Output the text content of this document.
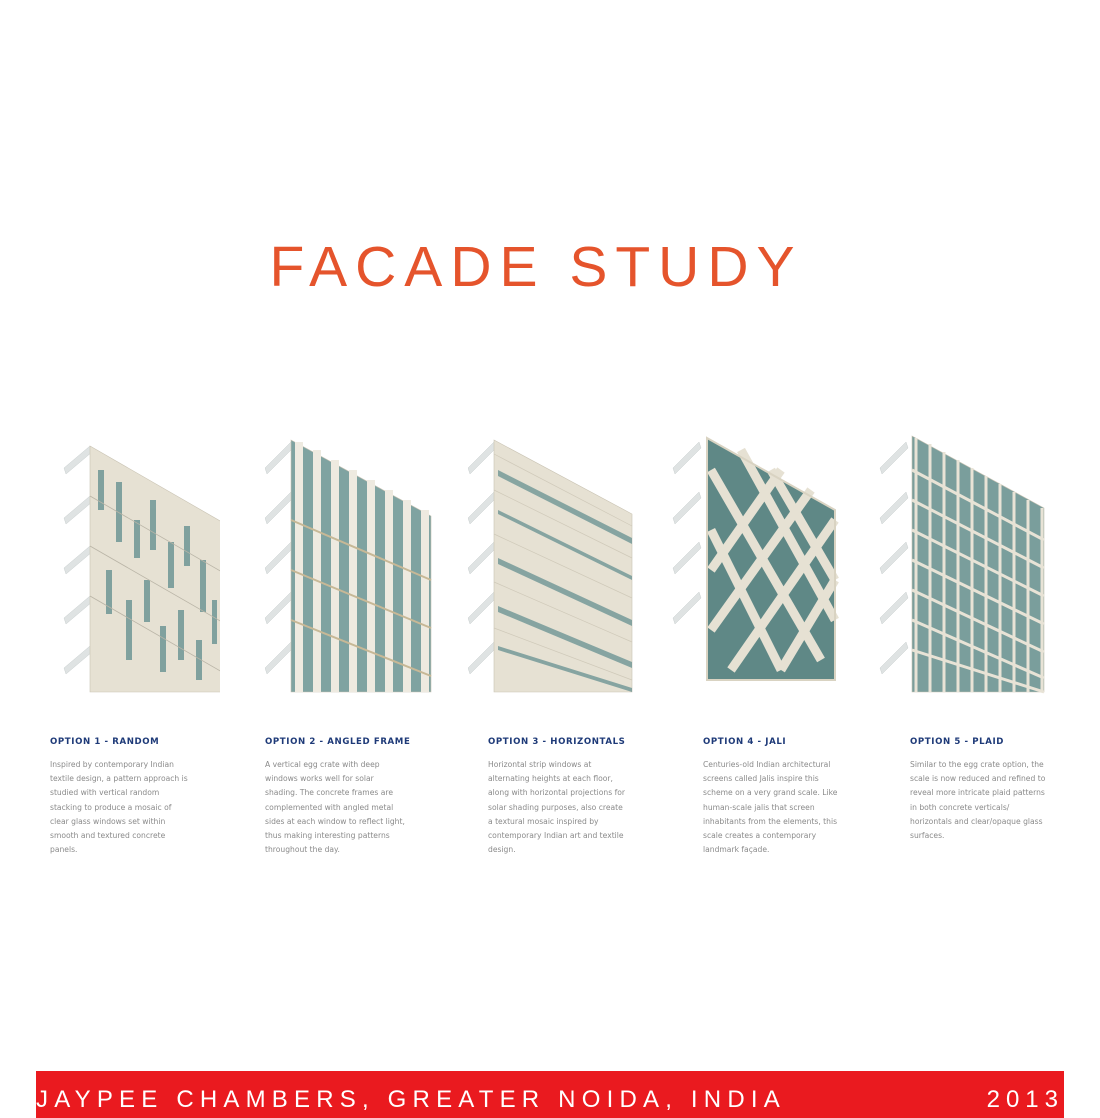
FACADE STUDY
OPTION 1 - RANDOM
Inspired by contemporary Indian textile design, a pattern approach is studied with vertical random stacking to produce a mosaic of clear glass windows set within smooth and textured concrete panels.
OPTION 2 - ANGLED FRAME
A vertical egg crate with deep windows works well for solar shading. The concrete frames are complemented with angled metal sides at each window to reflect light, thus making interesting patterns throughout the day.
OPTION 3 - HORIZONTALS
Horizontal strip windows at alternating heights at each floor, along with horizontal projections for solar shading purposes, also create a textural mosaic inspired by contemporary Indian art and textile design.
OPTION 4 - JALI
Centuries-old Indian architectural screens called Jalis inspire this scheme on a very grand scale. Like human-scale jalis that screen inhabitants from the elements, this scale creates a contemporary landmark façade.
OPTION 5 - PLAID
Similar to the egg crate option, the scale is now reduced and refined to reveal more intricate plaid patterns in both concrete verticals/ horizontals and clear/opaque glass surfaces.
JAYPEE CHAMBERS, GREATER NOIDA, INDIA	2013
